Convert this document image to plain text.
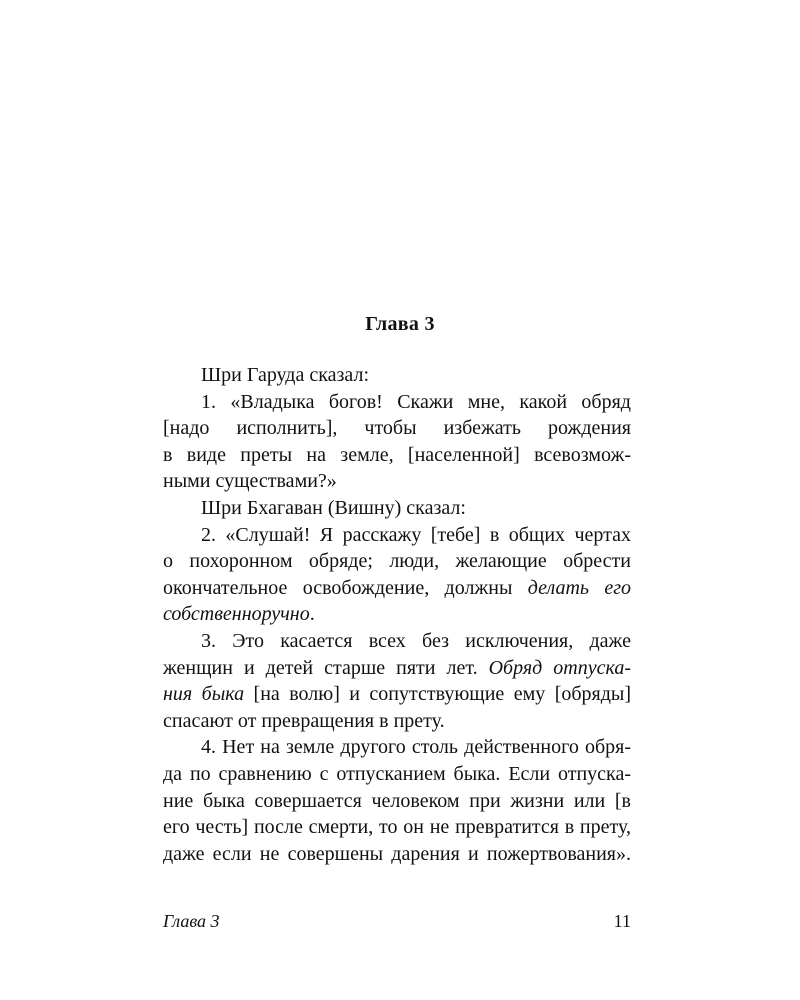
Глава 3
Шри Гаруда сказал:
1. «Владыка богов! Скажи мне, какой обряд
[надо исполнить], чтобы избежать рождения
в виде преты на земле, [населенной] всевозмож-
ными существами?»
Шри Бхагаван (Вишну) сказал:
2. «Слушай! Я расскажу [тебе] в общих чертах
о похоронном обряде; люди, желающие обрести
окончательное освобождение, должны делать его
собственноручно.
3. Это касается всех без исключения, даже
женщин и детей старше пяти лет. Обряд отпуска-
ния быка [на волю] и сопутствующие ему [обряды]
спасают от превращения в прету.
4. Нет на земле другого столь действенного обря-
да по сравнению с отпусканием быка. Если отпуска-
ние быка совершается человеком при жизни или [в
его честь] после смерти, то он не превратится в прету,
даже если не совершены дарения и пожертвования».
Глава 3	11
